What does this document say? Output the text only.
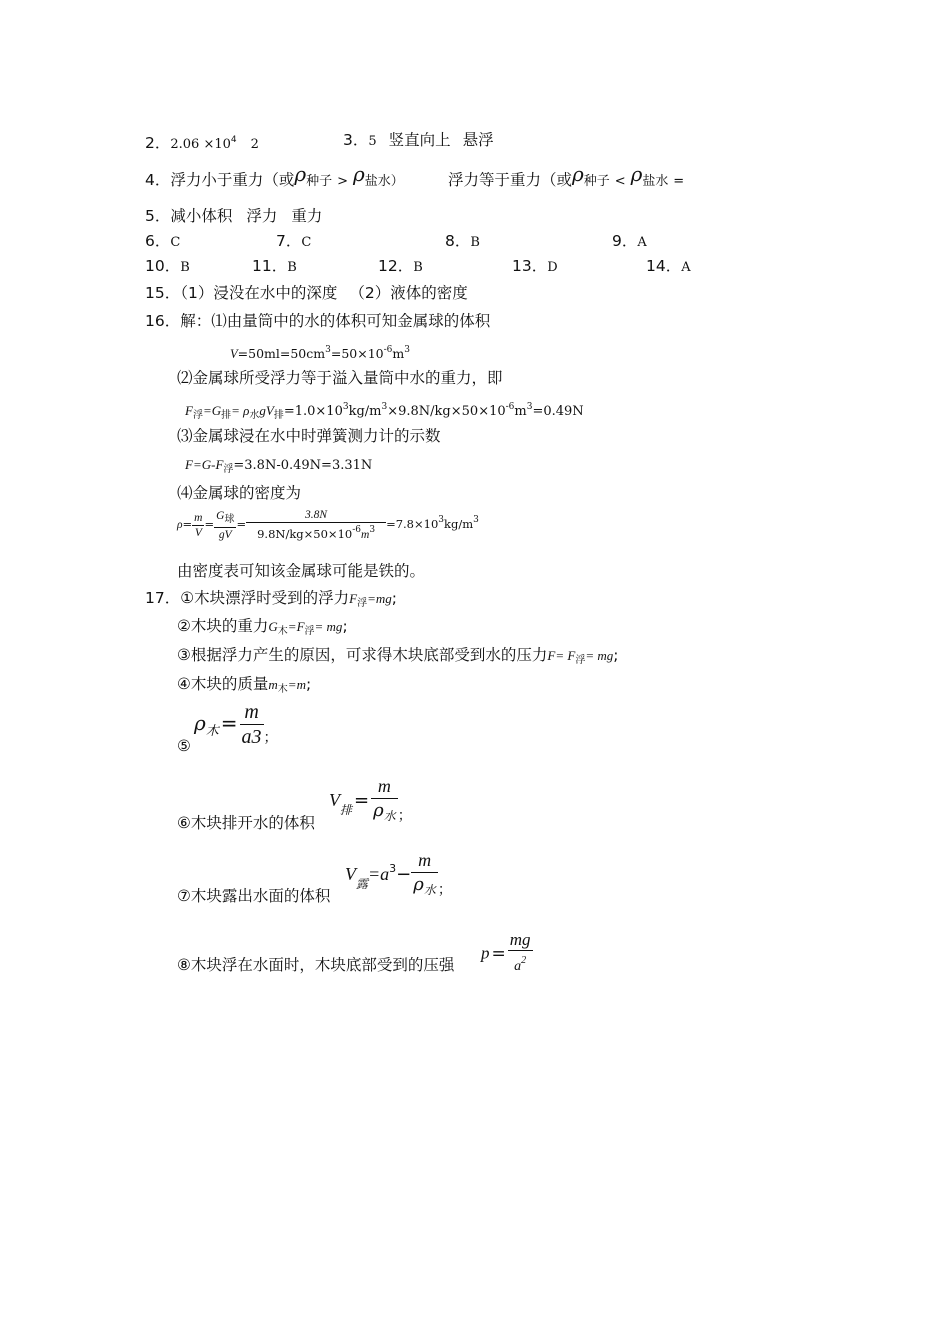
2．$2.06 \times 10^4$ 2	3．5 竖直向上 悬浮
4．浮力小于重力（或ρ种子 > ρ盐水）	浮力等于重力（或ρ种子 < ρ盐水 =
5．减小体积 浮力 重力
6．C	7．C	8．B	9．A
10．B	11．B	12．B	13．D	14．A
15．（1）浸没在水中的深度 （2）液体的密度
16．解：⑴由量筒中的水的体积可知金属球的体积
$V=50ml=50cm^3=50\times 10^{-6}m^3$
⑵金属球所受浮力等于溢入量筒中水的重力，即
$F_浮=G_排= \rho_水gV_排=1.0\times 10^3kg/m^3\times 9.8N/kg\times 50\times 10^{-6}m^3=0.49N$
⑶金属球浸在水中时弹簧测力计的示数
$F=G-F_浮=3.8N-0.49N=3.31N$
⑷金属球的密度为
$\rho= \frac{m}{V} = \frac{\text{G球}}{gV} = \frac{3.8N}{9.8N/kg\times 50\times 10^{-6}m^3} =7.8\times 10^3kg/m^3$
由密度表可知该金属球可能是铁的。
17．①木块漂浮时受到的浮力$F_浮=mg$;
②木块的重力$G_木=F_浮=$ mg;
③根据浮力产生的原因，可求得木块底部受到水的压力$F= F_浮=$ mg;
④木块的质量$m_木=m$;
⑤
$\rho_木 = \frac{m}{a3} _;$
⑥木块排开水的体积
$V_排 = \frac{m}{\rho_水} _;$
⑦木块露出水面的体积
$V_露=a^3- \frac{m}{\rho_水} _;$
⑧木块浮在水面时，木块底部受到的压强
$p = \frac{mg}{a^2}$
